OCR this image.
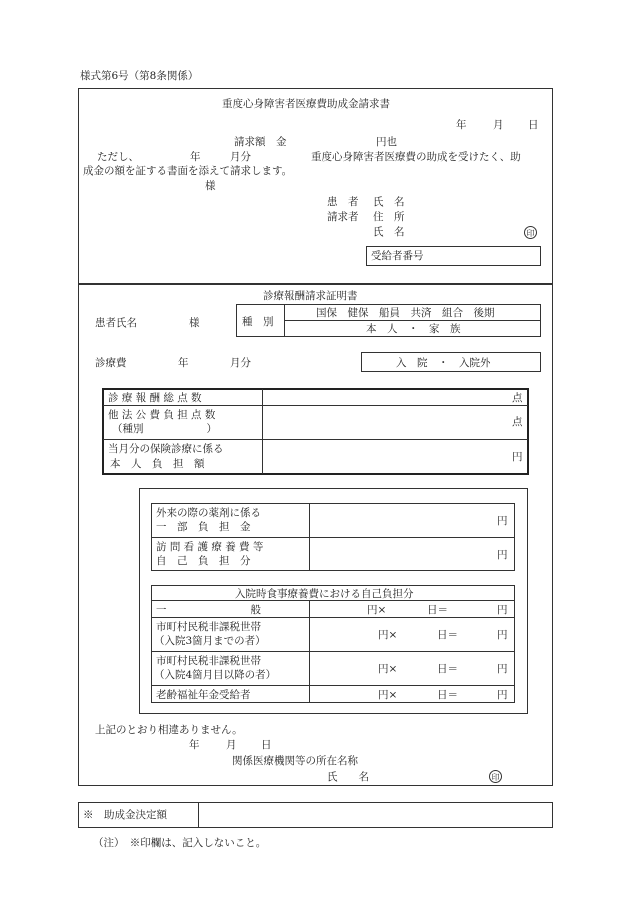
様式第6号（第8条関係）
重度心身障害者医療費助成金請求書
年	月 日
請求額　金	円也
ただし、	年	月分	重度心身障害者医療費の助成を受けたく、助
成金の額を証する書面を添えて請求します。
様
患　者 氏　名
請求者 住　所
氏　名	印
受給者番号
診療報酬請求証明書
患者氏名	様	種　別
国保　健保　船員　共済　組合　後期
本　人　・　家　族
診療費	年	月分	入　院　・　入院外
診 療 報 酬 総 点 数	点
他 法 公 費 負 担 点 数
（種別　　　　　　）
点
当月分の保険診療に係る
本　人　負　担　額
円
外来の際の薬剤に係る
一　部　負　担　金	円
訪 問 看 護 療 養 費 等
自　己　負　担　分	円
入院時食事療養費における自己負担分
一　　　　　　　　般	円×	日＝	円
市町村民税非課税世帯
（入院3箇月までの者）	円×	日＝	円
市町村民税非課税世帯
（入院4箇月目以降の者）	円×	日＝	円
老齢福祉年金受給者	円×	日＝	円
上記のとおり相違ありません。
年	月 日
関係医療機関等の所在名称
氏　　名	印
※　助成金決定額
（注）　※印欄は、記入しないこと。
